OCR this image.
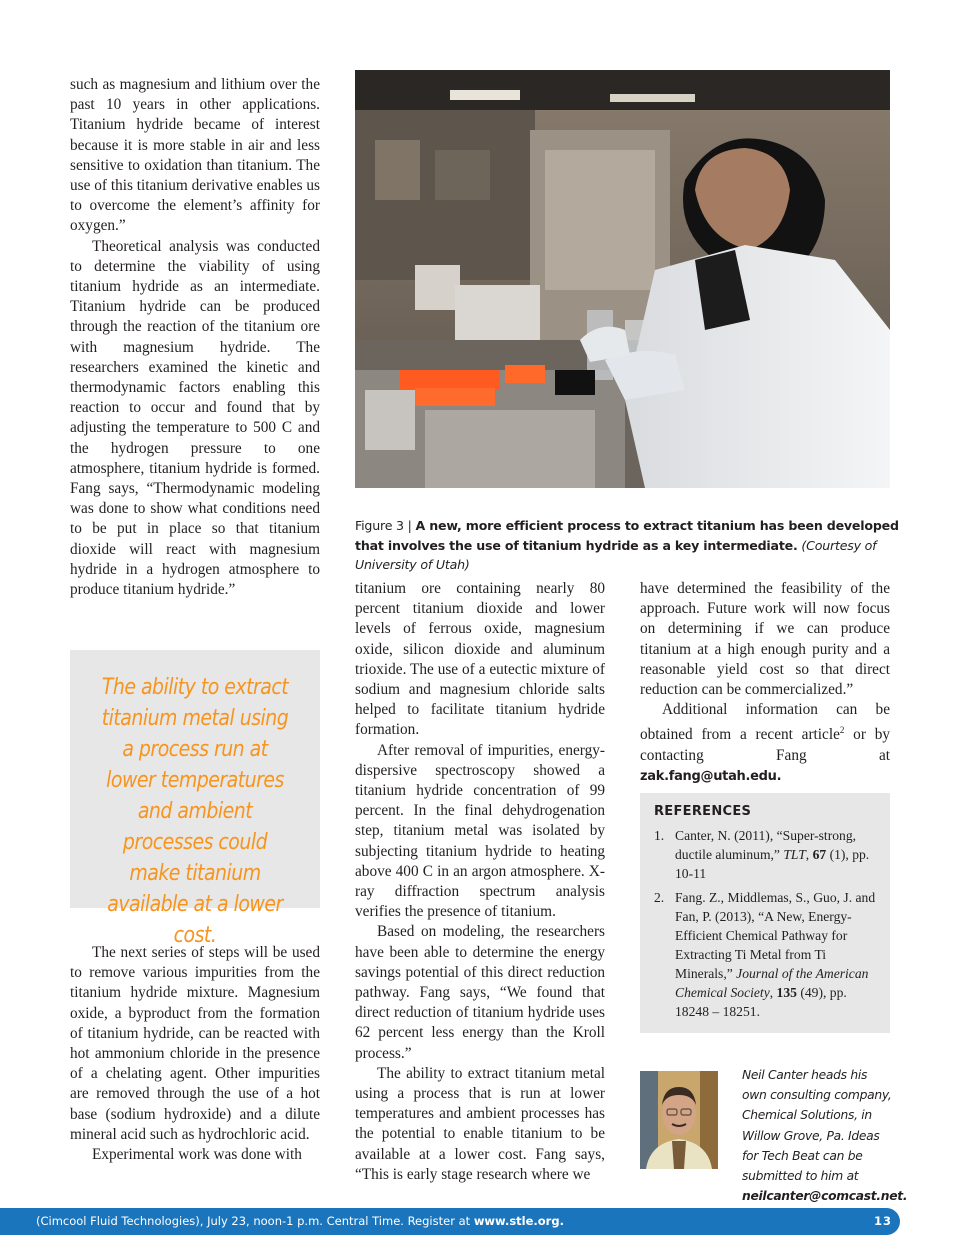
such as magnesium and lithium over the past 10 years in other applications. Titanium hydride became of interest because it is more stable in air and less sensitive to oxidation than titanium. The use of this titanium derivative enables us to overcome the element’s affinity for oxygen.”

Theoretical analysis was conducted to determine the viability of using titanium hydride as an intermediate. Titanium hydride can be produced through the reaction of the titanium ore with magnesium hydride. The researchers examined the kinetic and thermodynamic factors enabling this reaction to occur and found that by adjusting the temperature to 500 C and the hydrogen pressure to one atmosphere, titanium hydride is formed. Fang says, “Thermodynamic modeling was done to show what conditions need to be put in place so that titanium dioxide will react with magnesium hydride in a hydrogen atmosphere to produce titanium hydride.”

The ability to extract titanium metal using a process run at lower temperatures and ambient processes could make titanium available at a lower cost.

The next series of steps will be used to remove various impurities from the titanium hydride mixture. Magnesium oxide, a byproduct from the formation of titanium hydride, can be reacted with hot ammonium chloride in the presence of a chelating agent. Other impurities are removed through the use of a hot base (sodium hydroxide) and a dilute mineral acid such as hydrochloric acid.

Experimental work was done with

Figure 3 | A new, more efficient process to extract titanium has been developed that involves the use of titanium hydride as a key intermediate. (Courtesy of University of Utah)

titanium ore containing nearly 80 percent titanium dioxide and lower levels of ferrous oxide, magnesium oxide, silicon dioxide and aluminum trioxide. The use of a eutectic mixture of sodium and magnesium chloride salts helped to facilitate titanium hydride formation.

After removal of impurities, energy-dispersive spectroscopy showed a titanium hydride concentration of 99 percent. In the final dehydrogenation step, titanium metal was isolated by subjecting titanium hydride to heating above 400 C in an argon atmosphere. X-ray diffraction spectrum analysis verifies the presence of titanium.

Based on modeling, the researchers have been able to determine the energy savings potential of this direct reduction pathway. Fang says, “We found that direct reduction of titanium hydride uses 62 percent less energy than the Kroll process.”

The ability to extract titanium metal using a process that is run at lower temperatures and ambient processes has the potential to enable titanium to be available at a lower cost. Fang says, “This is early stage research where we

have determined the feasibility of the approach. Future work will now focus on determining if we can produce titanium at a high enough purity and a reasonable yield cost so that direct reduction can be commercialized.”

Additional information can be obtained from a recent article$^2$ or by contacting Fang at zak.fang@utah.edu.

REFERENCES
1. Canter, N. (2011), “Super-strong, ductile aluminum,” TLT, 67 (1), pp. 10-11
2. Fang. Z., Middlemas, S., Guo, J. and Fan, P. (2013), “A New, Energy-Efficient Chemical Pathway for Extracting Ti Metal from Ti Minerals,” Journal of the American Chemical Society, 135 (49), pp. 18248 – 18251.
Neil Canter heads his own consulting company, Chemical Solutions, in Willow Grove, Pa. Ideas for Tech Beat can be submitted to him at neilcanter@comcast.net.
(Cimcool Fluid Technologies), July 23, noon-1 p.m. Central Time. Register at www.stle.org.	13
